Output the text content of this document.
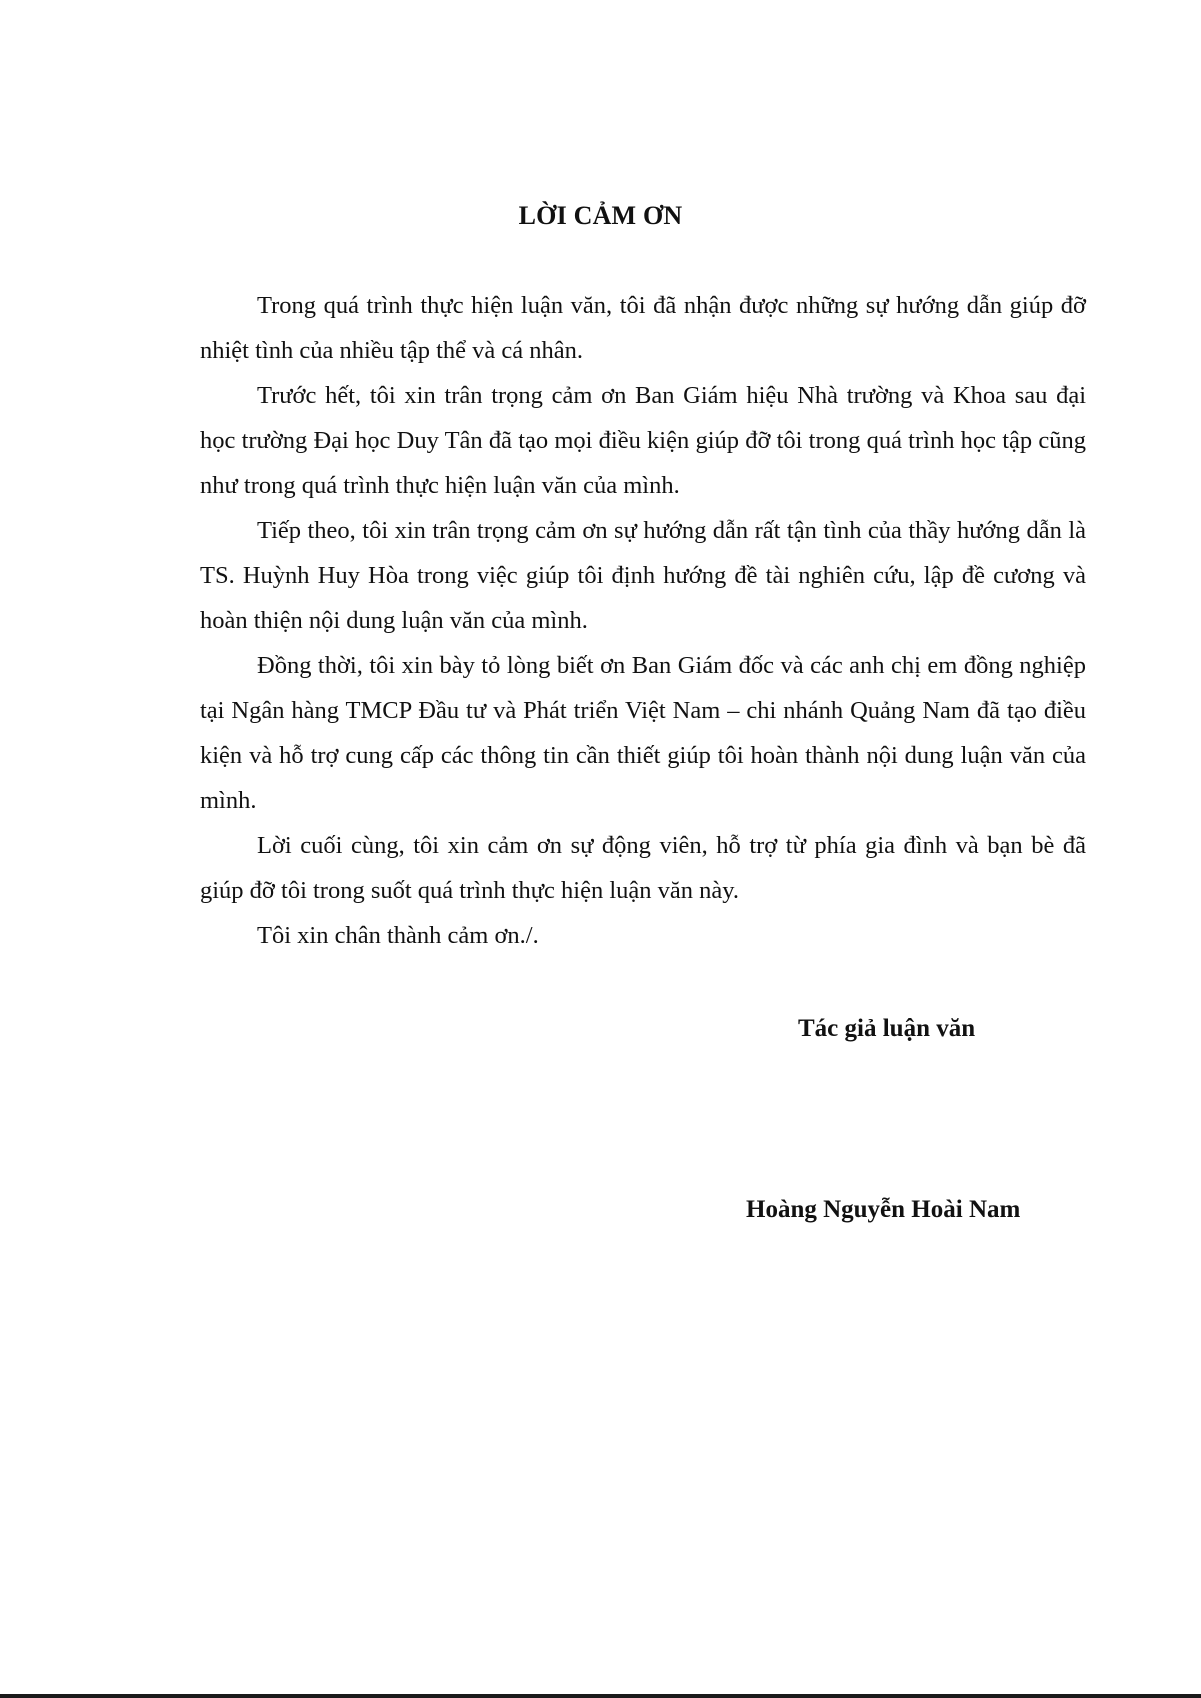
LỜI CẢM ƠN

Trong quá trình thực hiện luận văn, tôi đã nhận được những sự hướng dẫn giúp đỡ nhiệt tình của nhiều tập thể và cá nhân.

Trước hết, tôi xin trân trọng cảm ơn Ban Giám hiệu Nhà trường và Khoa sau đại học trường Đại học Duy Tân đã tạo mọi điều kiện giúp đỡ tôi trong quá trình học tập cũng như trong quá trình thực hiện luận văn của mình.

Tiếp theo, tôi xin trân trọng cảm ơn sự hướng dẫn rất tận tình của thầy hướng dẫn là TS. Huỳnh Huy Hòa trong việc giúp tôi định hướng đề tài nghiên cứu, lập đề cương và hoàn thiện nội dung luận văn của mình.

Đồng thời, tôi xin bày tỏ lòng biết ơn Ban Giám đốc và các anh chị em đồng nghiệp tại Ngân hàng TMCP Đầu tư và Phát triển Việt Nam – chi nhánh Quảng Nam đã tạo điều kiện và hỗ trợ cung cấp các thông tin cần thiết giúp tôi hoàn thành nội dung luận văn của mình.

Lời cuối cùng, tôi xin cảm ơn sự động viên, hỗ trợ từ phía gia đình và bạn bè đã giúp đỡ tôi trong suốt quá trình thực hiện luận văn này.

Tôi xin chân thành cảm ơn./.

Tác giả luận văn

Hoàng Nguyễn Hoài Nam
